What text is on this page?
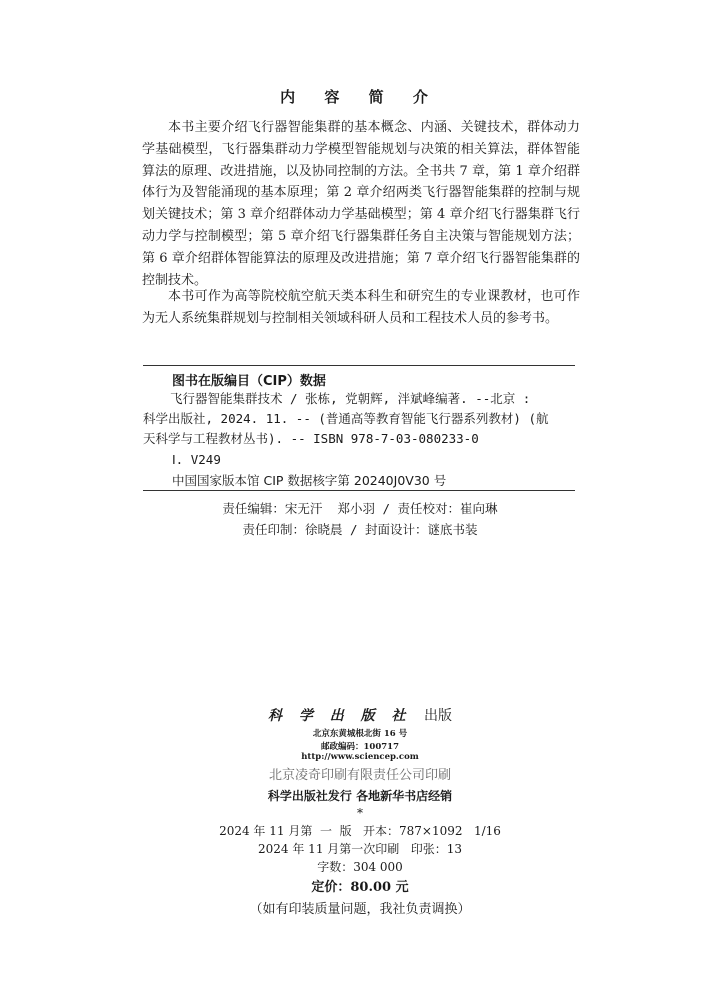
内 容 简 介
本书主要介绍飞行器智能集群的基本概念、内涵、关键技术，群体动力学基础模型，飞行器集群动力学模型智能规划与决策的相关算法，群体智能算法的原理、改进措施，以及协同控制的方法。全书共 7 章，第 1 章介绍群体行为及智能涌现的基本原理；第 2 章介绍两类飞行器智能集群的控制与规划关键技术；第 3 章介绍群体动力学基础模型；第 4 章介绍飞行器集群飞行动力学与控制模型；第 5 章介绍飞行器集群任务自主决策与智能规划方法；第 6 章介绍群体智能算法的原理及改进措施；第 7 章介绍飞行器智能集群的控制技术。
本书可作为高等院校航空航天类本科生和研究生的专业课教材，也可作为无人系统集群规划与控制相关领域科研人员和工程技术人员的参考书。
图书在版编目（CIP）数据
飞行器智能集群技术 / 张栋, 党朝辉, 泮斌峰编著. --北京 :
科学出版社, 2024. 11. -- (普通高等教育智能飞行器系列教材) (航
天科学与工程教材丛书). -- ISBN 978-7-03-080233-0
Ⅰ. V249
中国国家版本馆 CIP 数据核字第 20240J0V30 号
责任编辑：宋无汗  郑小羽 / 责任校对：崔向琳
责任印制：徐晓晨 / 封面设计：谜底书装
科 学 出 版 社 出版
北京东黄城根北街 16 号
邮政编码：100717
http://www.sciencep.com
北京凌奇印刷有限责任公司印刷
科学出版社发行 各地新华书店经销
*
2024 年 11 月第  一  版   开本：787×1092   1/16
2024 年 11 月第一次印刷   印张：13
字数：304 000
定价：80.00 元
（如有印装质量问题，我社负责调换）
